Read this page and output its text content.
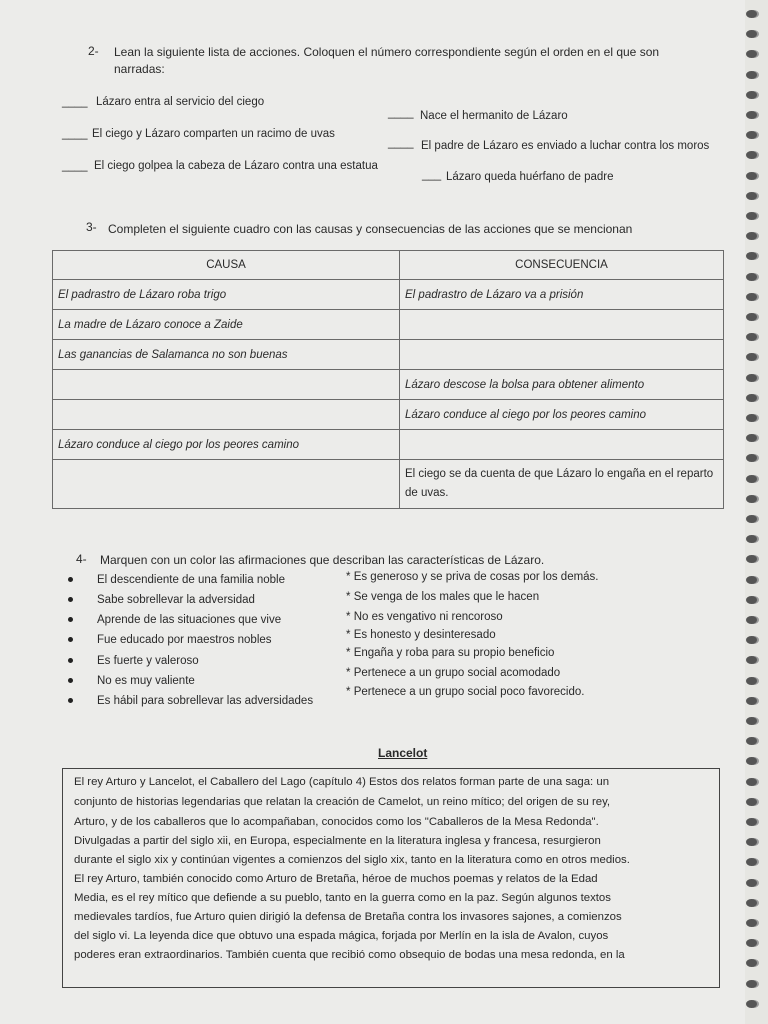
2- Lean la siguiente lista de acciones. Coloquen el número correspondiente según el orden en el que son
narradas:
____ Lázaro entra al servicio del ciego
____ Nace el hermanito de Lázaro
____ El ciego y Lázaro comparten un racimo de uvas
____ El padre de Lázaro es enviado a luchar contra los moros
____ El ciego golpea la cabeza de Lázaro contra una estatua
___ Lázaro queda huérfano de padre
3- Completen el siguiente cuadro con las causas y consecuencias de las acciones que se mencionan
CAUSA	CONSECUENCIA
El padrastro de Lázaro roba trigo	El padrastro de Lázaro va a prisión
La madre de Lázaro conoce a Zaide	
Las ganancias de Salamanca no son buenas	
	Lázaro descose la bolsa para obtener alimento
	Lázaro conduce al ciego por los peores camino
Lázaro conduce al ciego por los peores camino	
	El ciego se da cuenta de que Lázaro lo engaña en el reparto de uvas.
4- Marquen con un color las afirmaciones que describan las características de Lázaro.
El descendiente de una familia noble
Sabe sobrellevar la adversidad
Aprende de las situaciones que vive
Fue educado por maestros nobles
Es fuerte y valeroso
No es muy valiente
Es hábil para sobrellevar las adversidades
* Es generoso y se priva de cosas por los demás.
* Se venga de los males que le hacen
* No es vengativo ni rencoroso
* Es honesto y desinteresado
* Engaña y roba para su propio beneficio
* Pertenece a un grupo social acomodado
* Pertenece a un grupo social poco favorecido.
Lancelot
El rey Arturo y Lancelot, el Caballero del Lago (capítulo 4) Estos dos relatos forman parte de una saga: un
conjunto de historias legendarias que relatan la creación de Camelot, un reino mítico; del origen de su rey,
Arturo, y de los caballeros que lo acompañaban, conocidos como los "Caballeros de la Mesa Redonda".
Divulgadas a partir del siglo xii, en Europa, especialmente en la literatura inglesa y francesa, resurgieron
durante el siglo xix y continúan vigentes a comienzos del siglo xix, tanto en la literatura como en otros medios.
El rey Arturo, también conocido como Arturo de Bretaña, héroe de muchos poemas y relatos de la Edad
Media, es el rey mítico que defiende a su pueblo, tanto en la guerra como en la paz. Según algunos textos
medievales tardíos, fue Arturo quien dirigió la defensa de Bretaña contra los invasores sajones, a comienzos
del siglo vi. La leyenda dice que obtuvo una espada mágica, forjada por Merlín en la isla de Avalon, cuyos
poderes eran extraordinarios. También cuenta que recibió como obsequio de bodas una mesa redonda, en la
